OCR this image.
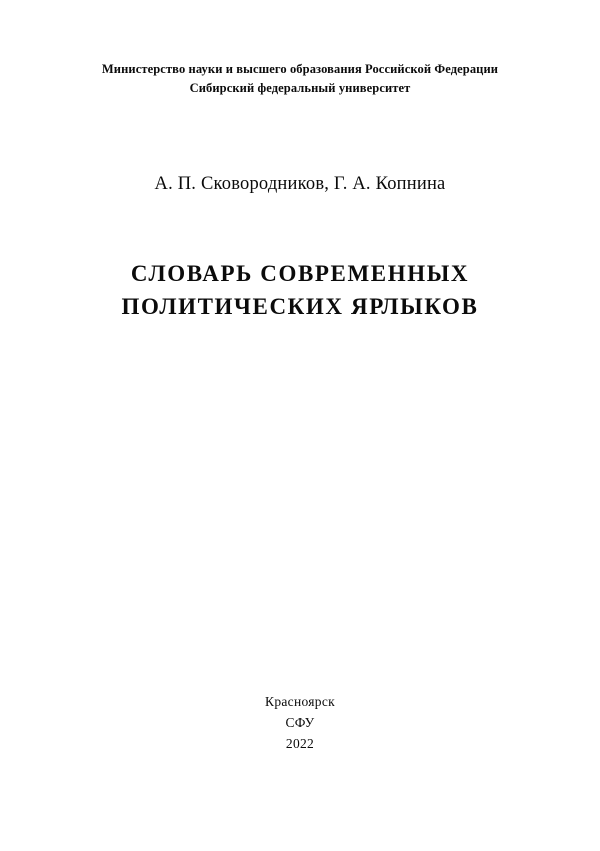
Министерство науки и высшего образования Российской Федерации
Сибирский федеральный университет
А. П. Сковородников, Г. А. Копнина
СЛОВАРЬ СОВРЕМЕННЫХ
ПОЛИТИЧЕСКИХ ЯРЛЫКОВ
Красноярск
СФУ
2022
